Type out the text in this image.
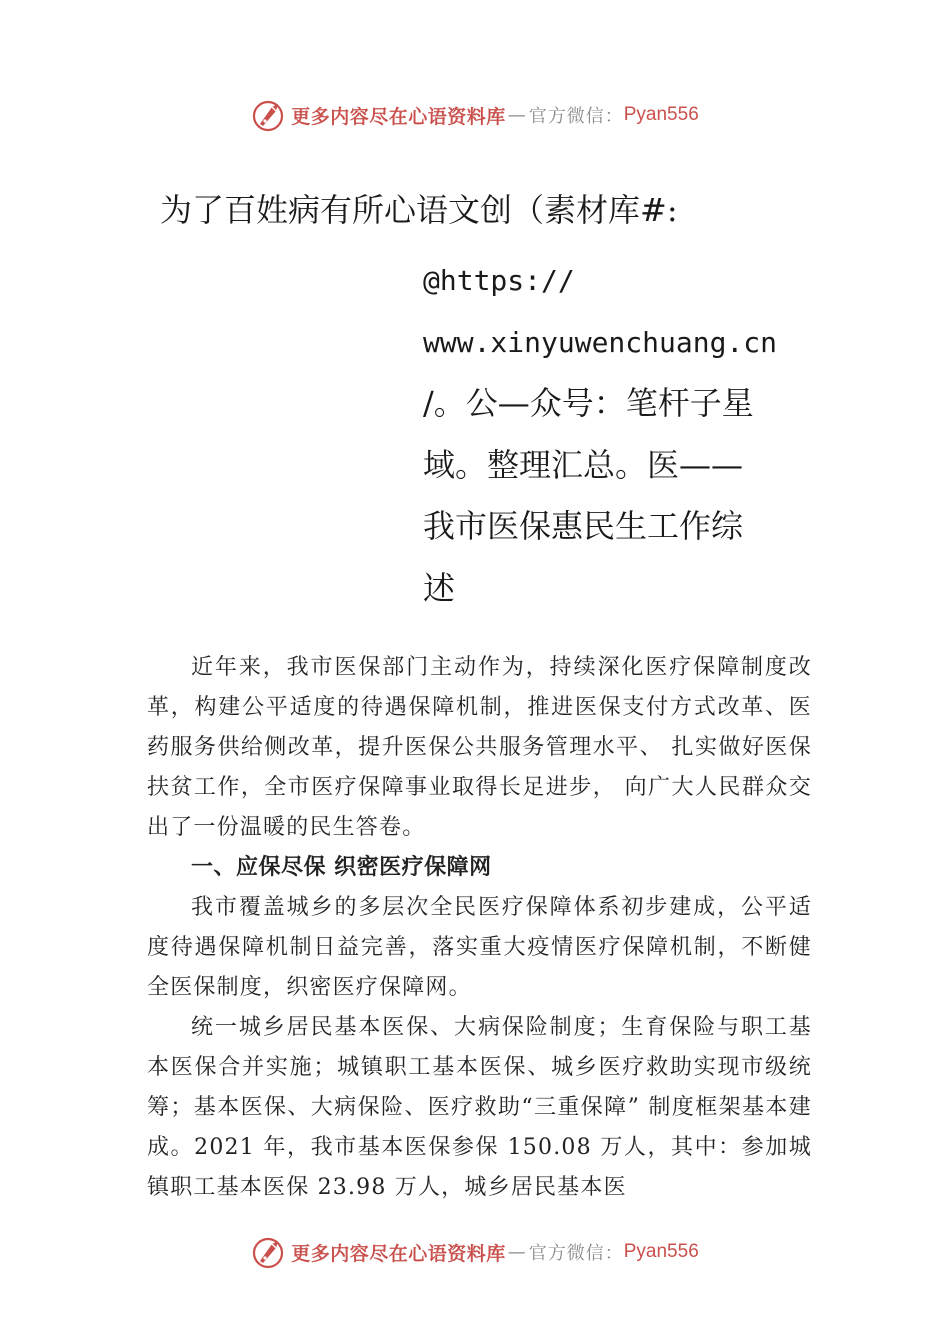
更多内容尽在心语资料库 — 官方微信： Pyan556
为了百姓病有所心语文创（素材库#:
@https://
www.xinyuwenchuang.cn
/。公—众号：笔杆子星
域。整理汇总。医——
我市医保惠民生工作综
述

近年来，我市医保部门主动作为，持续深化医疗保障制度改革，构建公平适度的待遇保障机制，推进医保支付方式改革、医药服务供给侧改革，提升医保公共服务管理水平、 扎实做好医保扶贫工作，全市医疗保障事业取得长足进步， 向广大人民群众交出了一份温暖的民生答卷。

一、应保尽保 织密医疗保障网

我市覆盖城乡的多层次全民医疗保障体系初步建成，公平适度待遇保障机制日益完善，落实重大疫情医疗保障机制，不断健全医保制度，织密医疗保障网。

统一城乡居民基本医保、大病保险制度；生育保险与职工基本医保合并实施；城镇职工基本医保、城乡医疗救助实现市级统筹；基本医保、大病保险、医疗救助“三重保障” 制度框架基本建成。2021 年，我市基本医保参保 150.08 万人，其中：参加城镇职工基本医保 23.98 万人，城乡居民基本医

更多内容尽在心语资料库 — 官方微信： Pyan556
